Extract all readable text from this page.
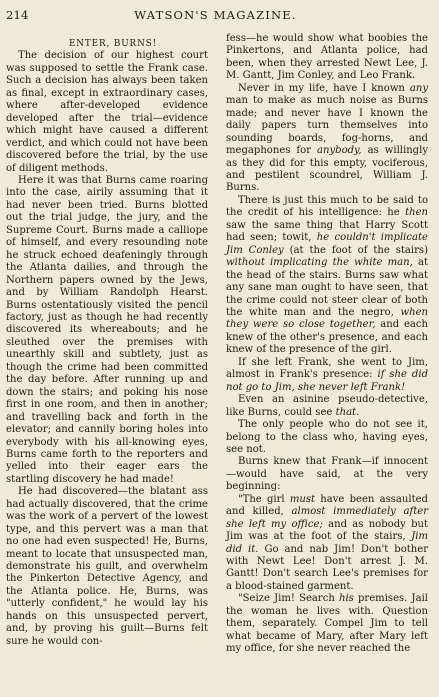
214	WATSON'S MAGAZINE.

ENTER, BURNS!

The decision of our highest court was supposed to settle the Frank case. Such a decision has always been taken as final, except in extraordinary cases, where after-developed evidence developed after the trial—evidence which might have caused a different verdict, and which could not have been discovered before the trial, by the use of diligent methods.

Here it was that Burns came roaring into the case, airily assuming that it had never been tried. Burns blotted out the trial judge, the jury, and the Supreme Court. Burns made a calliope of himself, and every resounding note he struck echoed deafeningly through the Atlanta dailies, and through the Northern papers owned by the Jews, and by William Randolph Hearst. Burns ostentatiously visited the pencil factory, just as though he had recently discovered its whereabouts; and he sleuthed over the premises with unearthly skill and subtlety, just as though the crime had been committed the day before. After running up and down the stairs; and poking his nose first in one room, and then in another; and travelling back and forth in the elevator; and cannily boring holes into everybody with his all-knowing eyes, Burns came forth to the reporters and yelled into their eager ears the startling discovery he had made!

He had discovered—the blatant ass had actually discovered, that the crime was the work of a pervert of the lowest type, and this pervert was a man that no one had even suspected! He, Burns, meant to locate that unsuspected man, demonstrate his guilt, and overwhelm the Pinkerton Detective Agency, and the Atlanta police. He, Burns, was "utterly confident," he would lay his hands on this unsuspected pervert, and, by proving his guilt—Burns felt sure he would con-

fess—he would show what boobies the Pinkertons, and Atlanta police, had been, when they arrested Newt Lee, J. M. Gantt, Jim Conley, and Leo Frank.

Never in my life, have I known any man to make as much noise as Burns made; and never have I known the daily papers turn themselves into sounding boards, fog-horns, and megaphones for anybody, as willingly as they did for this empty, vociferous, and pestilent scoundrel, William J. Burns.

There is just this much to be said to the credit of his intelligence: he then saw the same thing that Harry Scott had seen; towit, he couldn't implicate Jim Conley (at the foot of the stairs) without implicating the white man, at the head of the stairs. Burns saw what any sane man ought to have seen, that the crime could not steer clear of both the white man and the negro, when they were so close together, and each knew of the other's presence, and each knew of the presence of the girl.

If she left Frank, she went to Jim, almost in Frank's presence: if she did not go to Jim, she never left Frank!

Even an asinine pseudo-detective, like Burns, could see that.

The only people who do not see it, belong to the class who, having eyes, see not.

Burns knew that Frank—if innocent —would have said, at the very beginning:

"The girl must have been assaulted and killed, almost immediately after she left my office; and as nobody but Jim was at the foot of the stairs, Jim did it. Go and nab Jim! Don't bother with Newt Lee! Don't arrest J. M. Gantt! Don't search Lee's premises for a blood-stained garment.

"Seize Jim! Search his premises. Jail the woman he lives with. Question them, separately. Compel Jim to tell what became of Mary, after Mary left my office, for she never reached the
